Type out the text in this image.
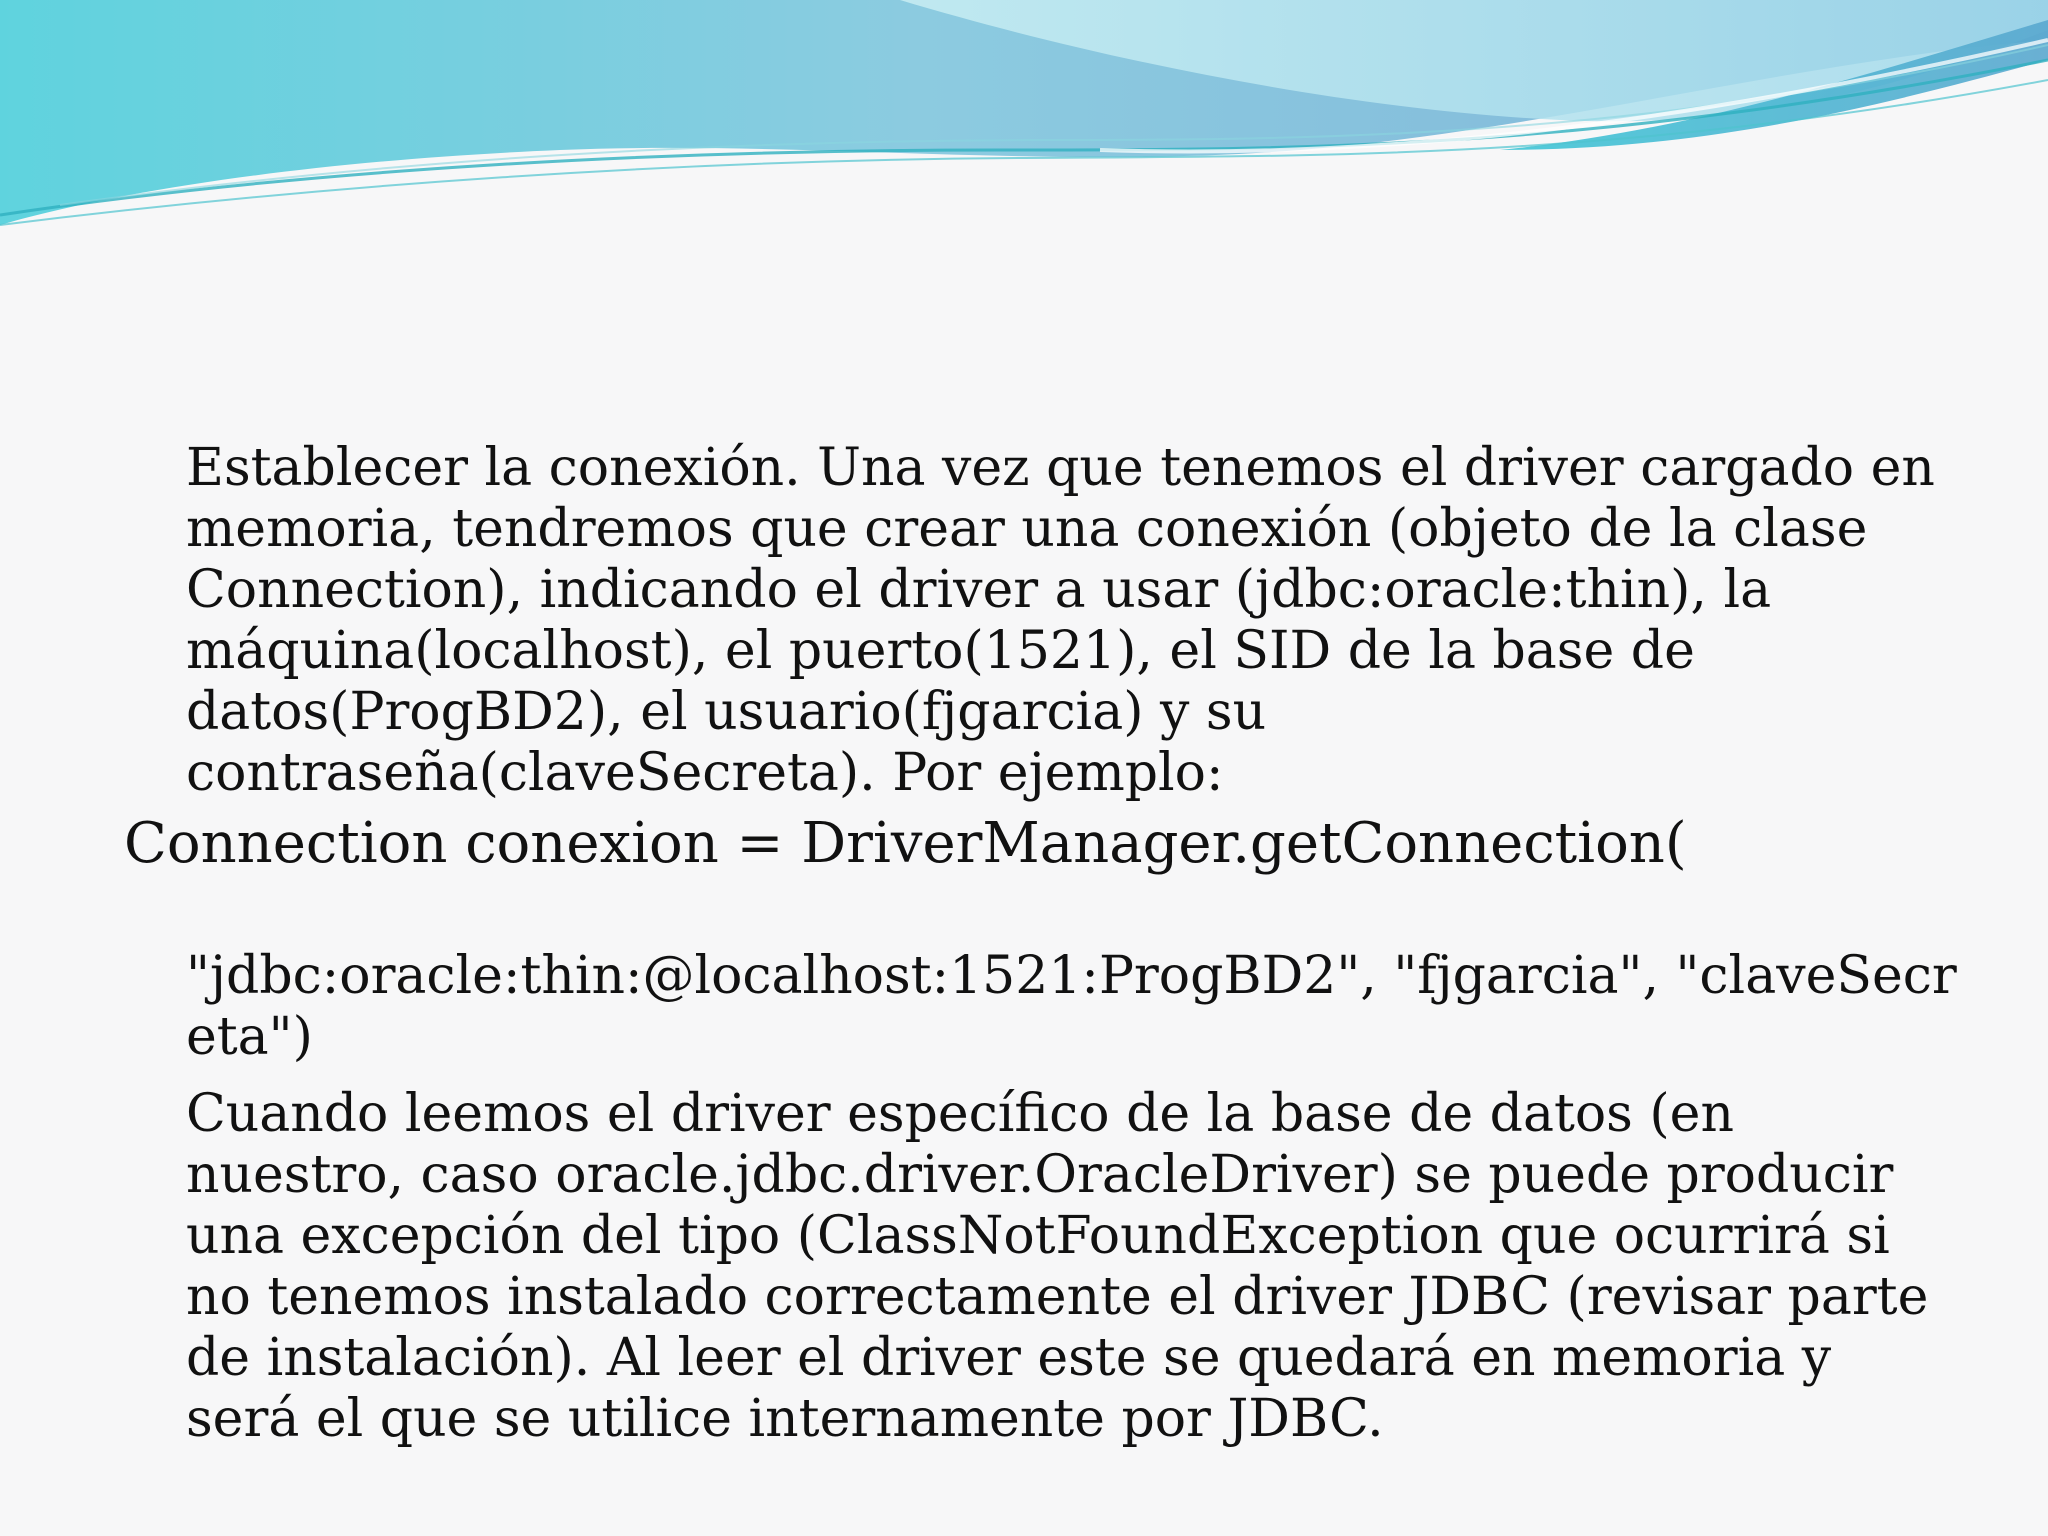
Establecer la conexión. Una vez que tenemos el driver cargado en
memoria, tendremos que crear una conexión (objeto de la clase
Connection), indicando el driver a usar (jdbc:oracle:thin), la
máquina(localhost), el puerto(1521), el SID de la base de
datos(ProgBD2), el usuario(fjgarcia) y su
contraseña(claveSecreta). Por ejemplo:

Connection conexion = DriverManager.getConnection(

"jdbc:oracle:thin:@localhost:1521:ProgBD2", "fjgarcia", "claveSecr
eta")

Cuando leemos el driver específico de la base de datos (en
nuestro, caso oracle.jdbc.driver.OracleDriver) se puede producir
una excepción del tipo (ClassNotFoundException que ocurrirá si
no tenemos instalado correctamente el driver JDBC (revisar parte
de instalación). Al leer el driver este se quedará en memoria y
será el que se utilice internamente por JDBC.
